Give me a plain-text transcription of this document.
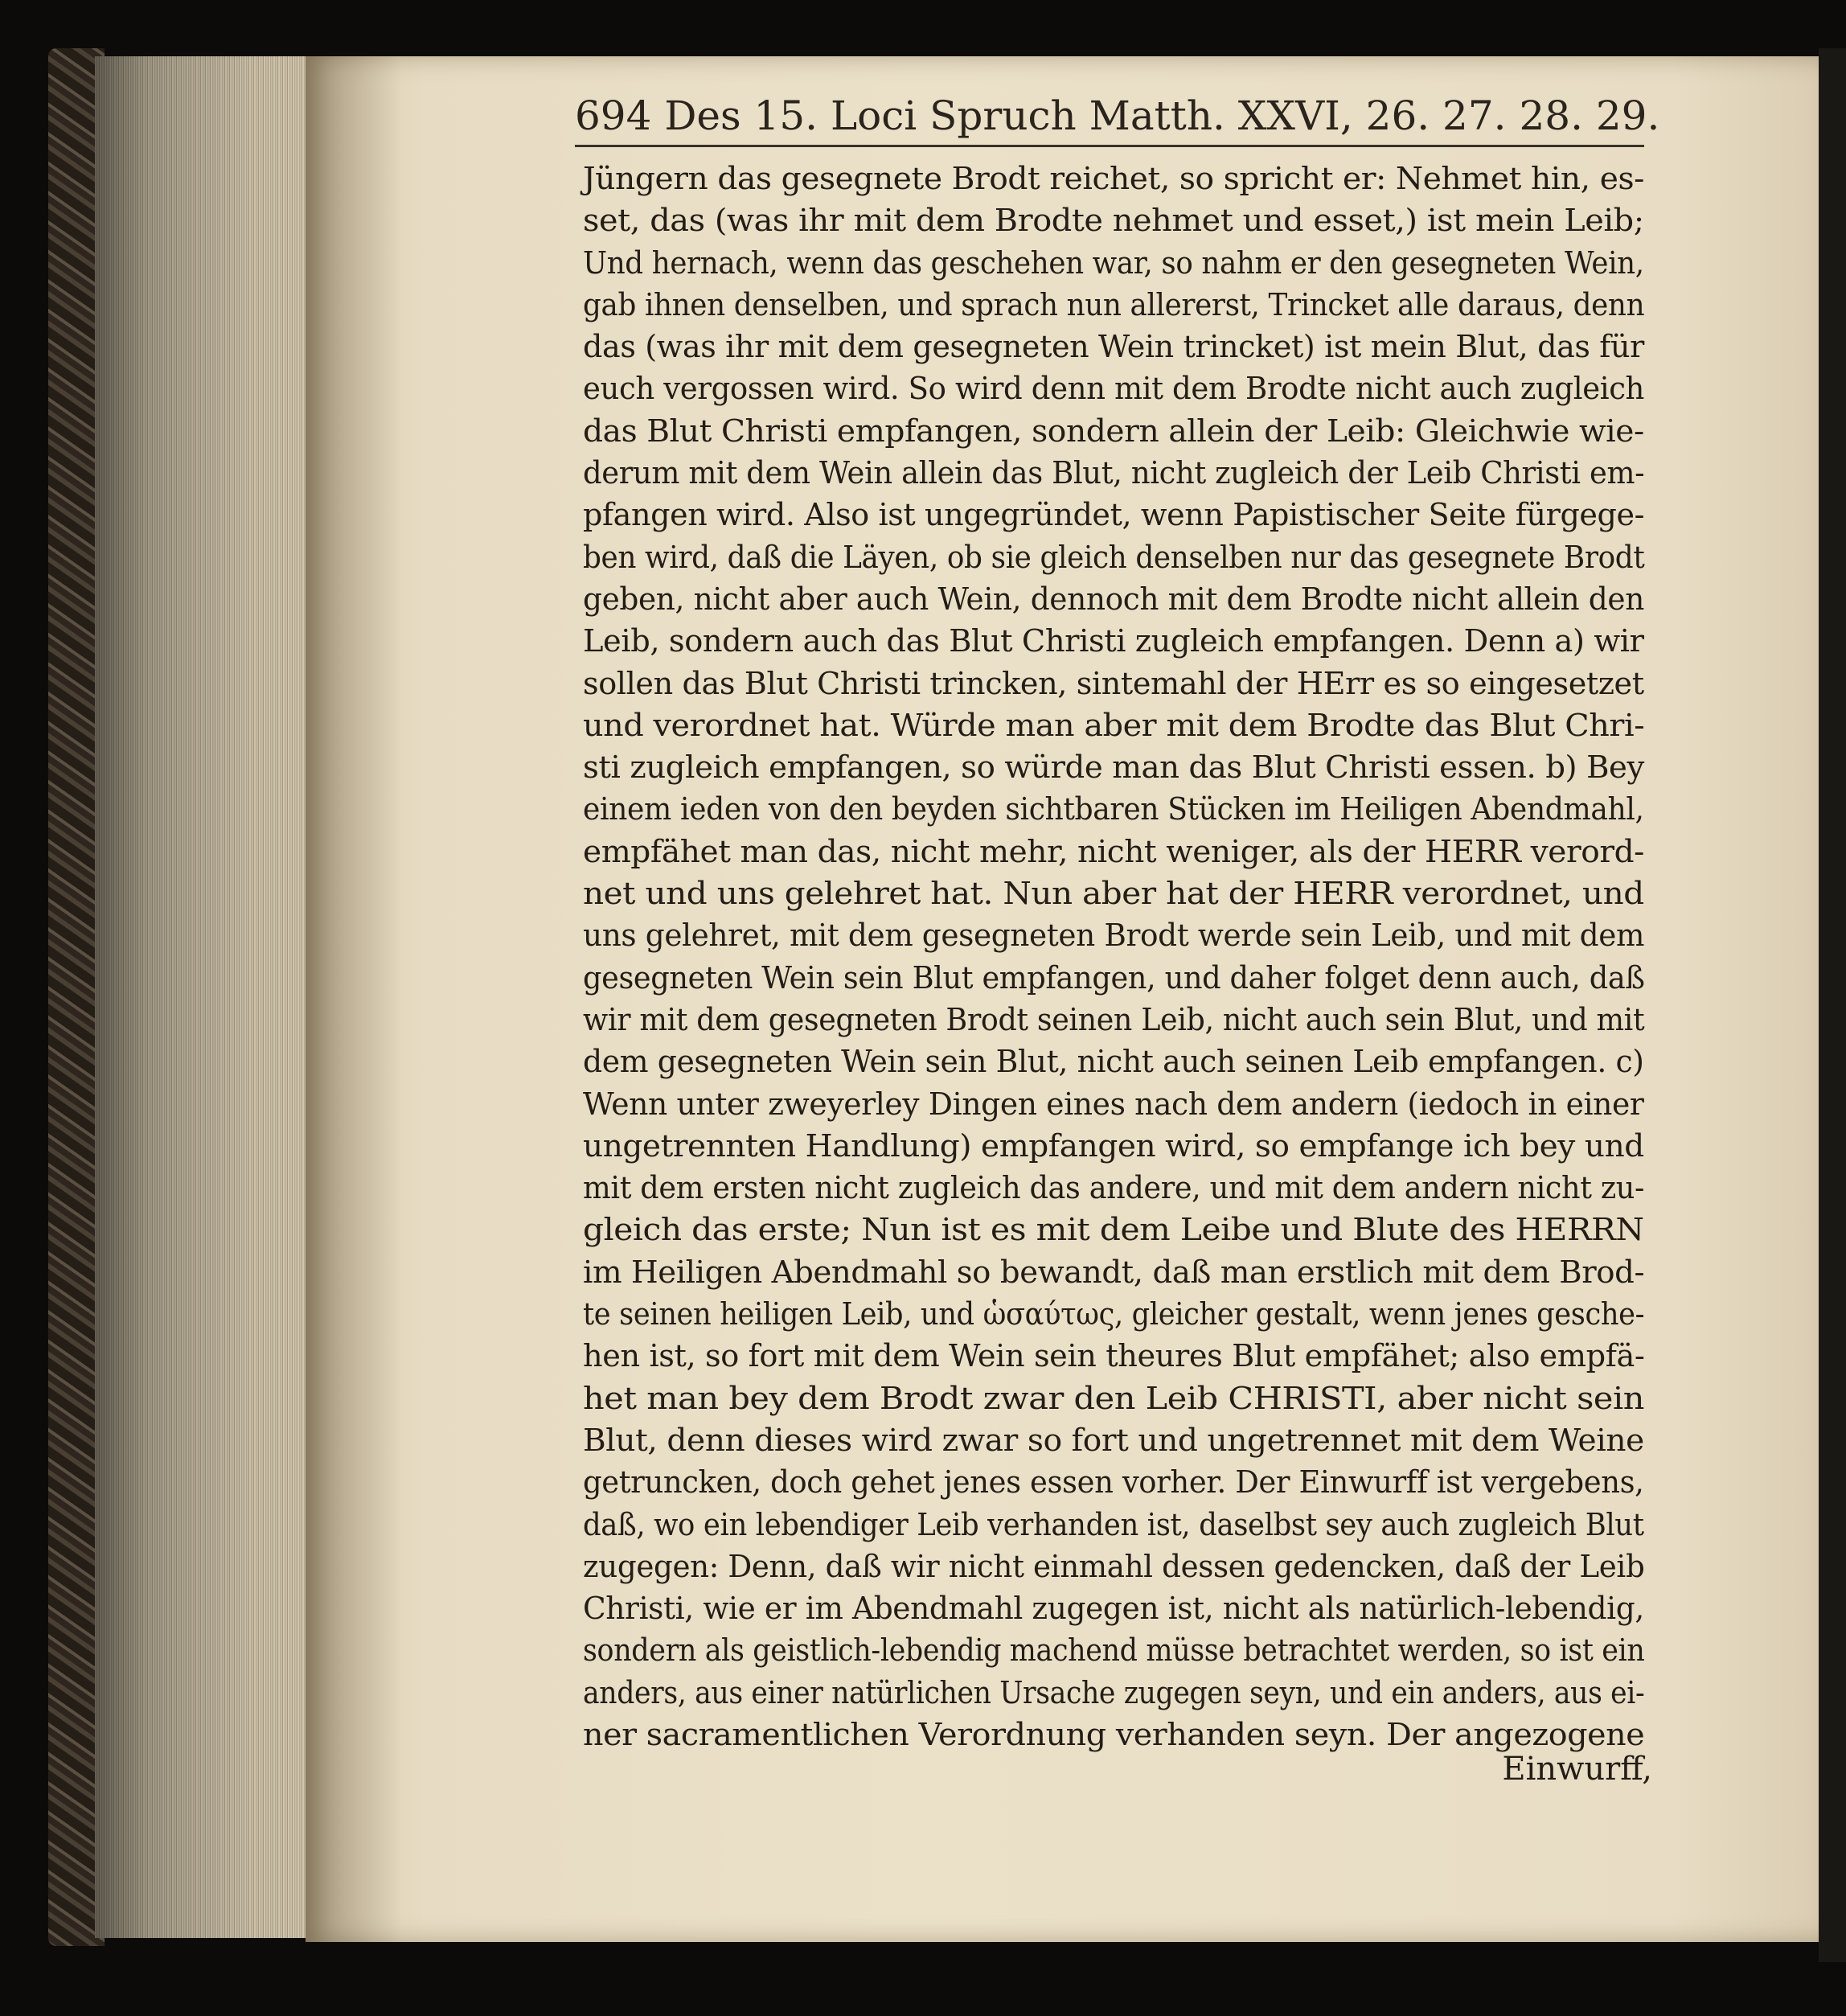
694 Des 15. Loci Spruch Matth. XXVI, 26. 27. 28. 29.
Jüngern das gesegnete Brodt reichet, so spricht er: Nehmet hin, es-
set, das (was ihr mit dem Brodte nehmet und esset,) ist mein Leib;
Und hernach, wenn das geschehen war, so nahm er den gesegneten Wein,
gab ihnen denselben, und sprach nun allererst, Trincket alle daraus, denn
das (was ihr mit dem gesegneten Wein trincket) ist mein Blut, das für
euch vergossen wird. So wird denn mit dem Brodte nicht auch zugleich
das Blut Christi empfangen, sondern allein der Leib: Gleichwie wie-
derum mit dem Wein allein das Blut, nicht zugleich der Leib Christi em-
pfangen wird. Also ist ungegründet, wenn Papistischer Seite fürgege-
ben wird, daß die Läyen, ob sie gleich denselben nur das gesegnete Brodt
geben, nicht aber auch Wein, dennoch mit dem Brodte nicht allein den
Leib, sondern auch das Blut Christi zugleich empfangen. Denn a) wir
sollen das Blut Christi trincken, sintemahl der HErr es so eingesetzet
und verordnet hat. Würde man aber mit dem Brodte das Blut Chri-
sti zugleich empfangen, so würde man das Blut Christi essen. b) Bey
einem ieden von den beyden sichtbaren Stücken im Heiligen Abendmahl,
empfähet man das, nicht mehr, nicht weniger, als der HERR verord-
net und uns gelehret hat. Nun aber hat der HERR verordnet, und
uns gelehret, mit dem gesegneten Brodt werde sein Leib, und mit dem
gesegneten Wein sein Blut empfangen, und daher folget denn auch, daß
wir mit dem gesegneten Brodt seinen Leib, nicht auch sein Blut, und mit
dem gesegneten Wein sein Blut, nicht auch seinen Leib empfangen. c)
Wenn unter zweyerley Dingen eines nach dem andern (iedoch in einer
ungetrennten Handlung) empfangen wird, so empfange ich bey und
mit dem ersten nicht zugleich das andere, und mit dem andern nicht zu-
gleich das erste; Nun ist es mit dem Leibe und Blute des HERRN
im Heiligen Abendmahl so bewandt, daß man erstlich mit dem Brod-
te seinen heiligen Leib, und ὡσαύτως, gleicher gestalt, wenn jenes gesche-
hen ist, so fort mit dem Wein sein theures Blut empfähet; also empfä-
het man bey dem Brodt zwar den Leib CHRISTI, aber nicht sein
Blut, denn dieses wird zwar so fort und ungetrennet mit dem Weine
getruncken, doch gehet jenes essen vorher. Der Einwurff ist vergebens,
daß, wo ein lebendiger Leib verhanden ist, daselbst sey auch zugleich Blut
zugegen: Denn, daß wir nicht einmahl dessen gedencken, daß der Leib
Christi, wie er im Abendmahl zugegen ist, nicht als natürlich-lebendig,
sondern als geistlich-lebendig machend müsse betrachtet werden, so ist ein
anders, aus einer natürlichen Ursache zugegen seyn, und ein anders, aus ei-
ner sacramentlichen Verordnung verhanden seyn. Der angezogene
Einwurff,
